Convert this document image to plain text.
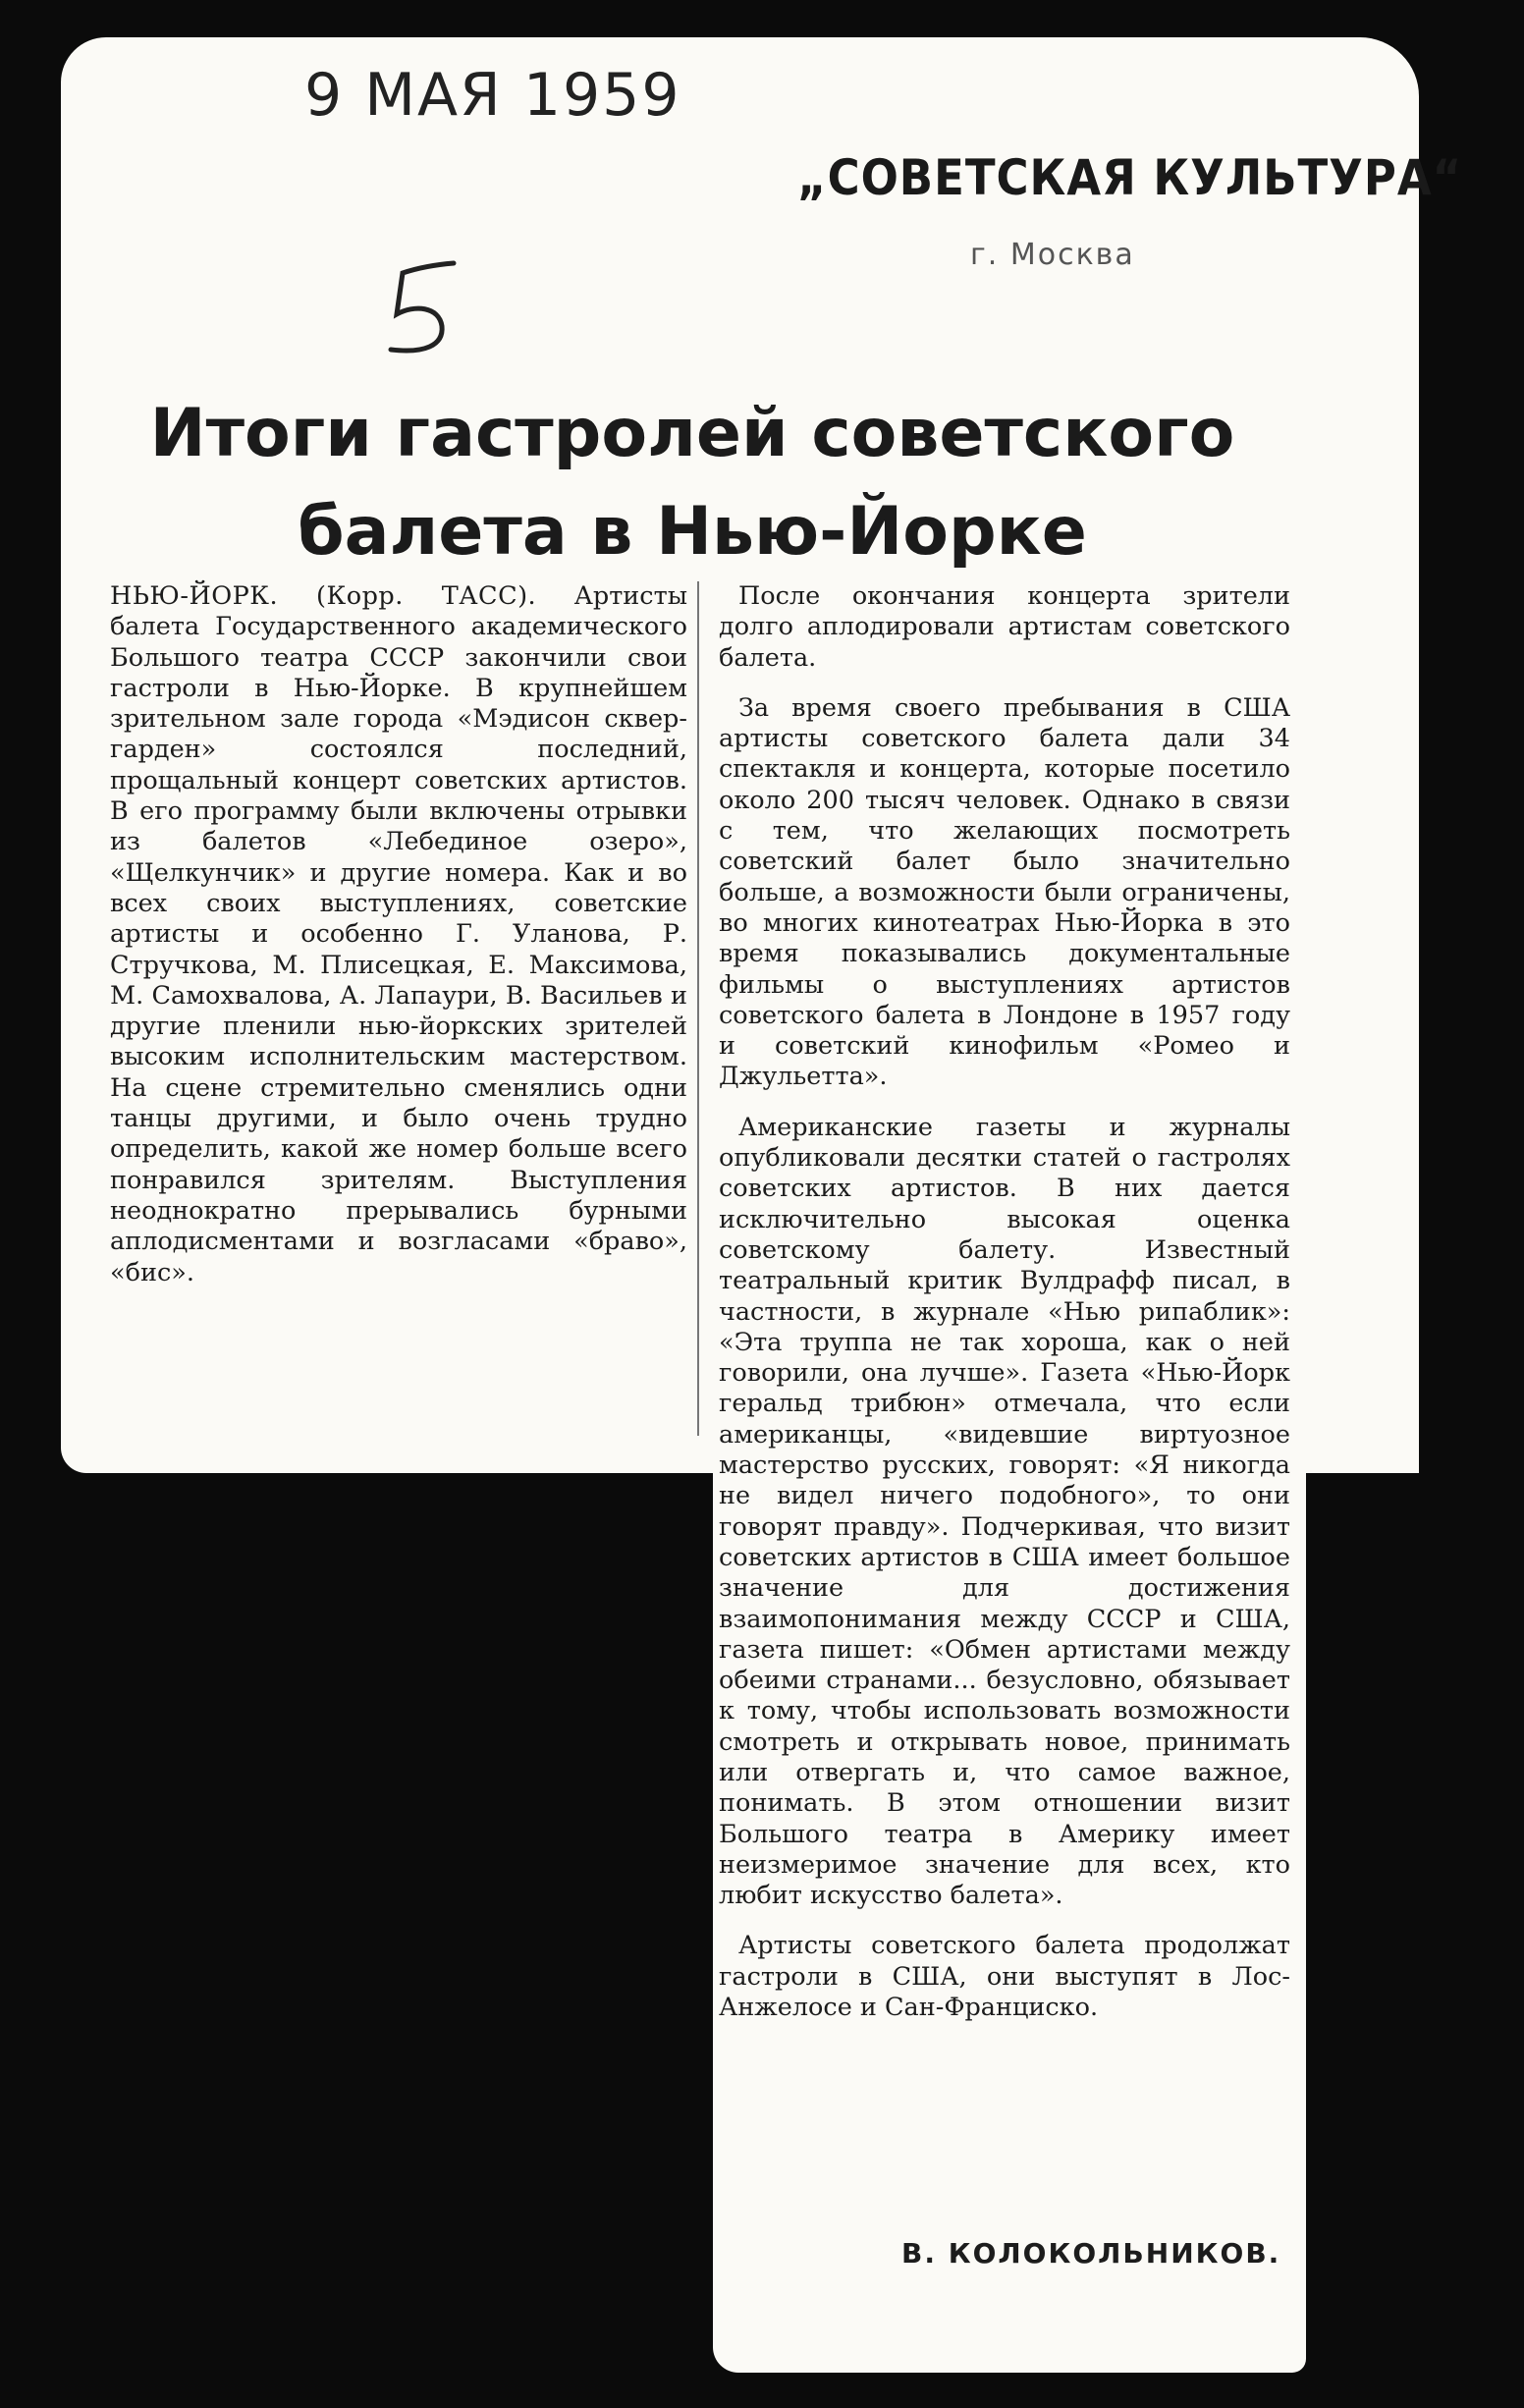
9 МАЯ 1959

„СОВЕТСКАЯ КУЛЬТУРА“

г. Москва

Итоги гастролей советского балета в Нью-Йорке

НЬЮ-ЙОРК. (Корр. ТАСС). Артисты балета Государственного академического Большого театра СССР закончили свои гастроли в Нью-Йорке. В крупнейшем зрительном зале города «Мэдисон сквер-гарден» состоялся последний, прощальный концерт советских артистов. В его программу были включены отрывки из балетов «Лебединое озеро», «Щелкунчик» и другие номера. Как и во всех своих выступлениях, советские артисты и особенно Г. Уланова, Р. Стручкова, М. Плисецкая, Е. Максимова, М. Самохвалова, А. Лапаури, В. Васильев и другие пленили нью-йоркских зрителей высоким исполнительским мастерством. На сцене стремительно сменялись одни танцы другими, и было очень трудно определить, какой же номер больше всего понравился зрителям. Выступления неоднократно прерывались бурными аплодисментами и возгласами «браво», «бис».

После окончания концерта зрители долго аплодировали артистам советского балета.

За время своего пребывания в США артисты советского балета дали 34 спектакля и концерта, которые посетило около 200 тысяч человек. Однако в связи с тем, что желающих посмотреть советский балет было значительно больше, а возможности были ограничены, во многих кинотеатрах Нью-Йорка в это время показывались документальные фильмы о выступлениях артистов советского балета в Лондоне в 1957 году и советский кинофильм «Ромео и Джульетта».

Американские газеты и журналы опубликовали десятки статей о гастролях советских артистов. В них дается исключительно высокая оценка советскому балету. Известный театральный критик Вулдрафф писал, в частности, в журнале «Нью рипаблик»: «Эта труппа не так хороша, как о ней говорили, она лучше». Газета «Нью-Йорк геральд трибюн» отмечала, что если американцы, «видевшие виртуозное мастерство русских, говорят: «Я никогда не видел ничего подобного», то они говорят правду». Подчеркивая, что визит советских артистов в США имеет большое значение для достижения взаимопонимания между СССР и США, газета пишет: «Обмен артистами между обеими странами... безусловно, обязывает к тому, чтобы использовать возможности смотреть и открывать новое, принимать или отвергать и, что самое важное, понимать. В этом отношении визит Большого театра в Америку имеет неизмеримое значение для всех, кто любит искусство балета».

Артисты советского балета продолжат гастроли в США, они выступят в Лос-Анжелосе и Сан-Франциско.

В. КОЛОКОЛЬНИКОВ.
